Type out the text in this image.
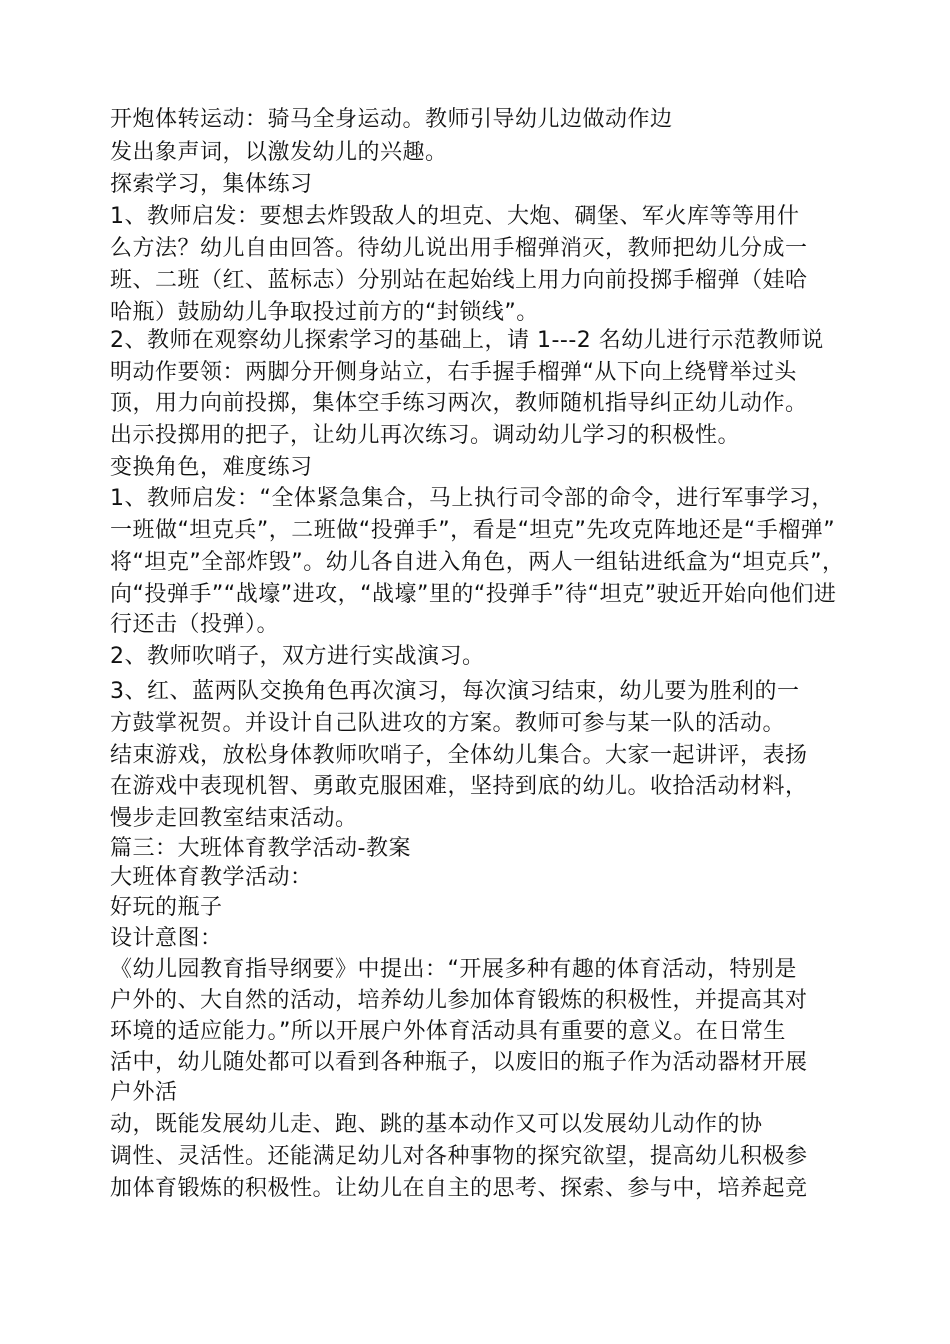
开炮体转运动：骑马全身运动。教师引导幼儿边做动作边
发出象声词，以激发幼儿的兴趣。
探索学习，集体练习
1、教师启发：要想去炸毁敌人的坦克、大炮、碉堡、军火库等等用什
么方法？幼儿自由回答。待幼儿说出用手榴弹消灭，教师把幼儿分成一
班、二班（红、蓝标志）分别站在起始线上用力向前投掷手榴弹（娃哈
哈瓶）鼓励幼儿争取投过前方的“封锁线”。
2、教师在观察幼儿探索学习的基础上，请 1---2 名幼儿进行示范教师说
明动作要领：两脚分开侧身站立，右手握手榴弹“从下向上绕臂举过头
顶，用力向前投掷，集体空手练习两次，教师随机指导纠正幼儿动作。
出示投掷用的把子，让幼儿再次练习。调动幼儿学习的积极性。
变换角色，难度练习
1、教师启发：“全体紧急集合，马上执行司令部的命令，进行军事学习，
一班做“坦克兵”，二班做“投弹手”，看是“坦克”先攻克阵地还是“手榴弹”
将“坦克”全部炸毁”。幼儿各自进入角色，两人一组钻进纸盒为“坦克兵”，
向“投弹手”“战壕”进攻，“战壕”里的“投弹手”待“坦克”驶近开始向他们进
行还击（投弹）。
2、教师吹哨子，双方进行实战演习。
3、红、蓝两队交换角色再次演习，每次演习结束，幼儿要为胜利的一
方鼓掌祝贺。并设计自己队进攻的方案。教师可参与某一队的活动。
结束游戏，放松身体教师吹哨子，全体幼儿集合。大家一起讲评，表扬
在游戏中表现机智、勇敢克服困难，坚持到底的幼儿。收拾活动材料，
慢步走回教室结束活动。
篇三：大班体育教学活动-教案
大班体育教学活动：
好玩的瓶子
设计意图：
《幼儿园教育指导纲要》中提出：“开展多种有趣的体育活动，特别是
户外的、大自然的活动，培养幼儿参加体育锻炼的积极性，并提高其对
环境的适应能力。”所以开展户外体育活动具有重要的意义。在日常生
活中，幼儿随处都可以看到各种瓶子，以废旧的瓶子作为活动器材开展
户外活
动，既能发展幼儿走、跑、跳的基本动作又可以发展幼儿动作的协
调性、灵活性。还能满足幼儿对各种事物的探究欲望，提高幼儿积极参
加体育锻炼的积极性。让幼儿在自主的思考、探索、参与中，培养起竞
